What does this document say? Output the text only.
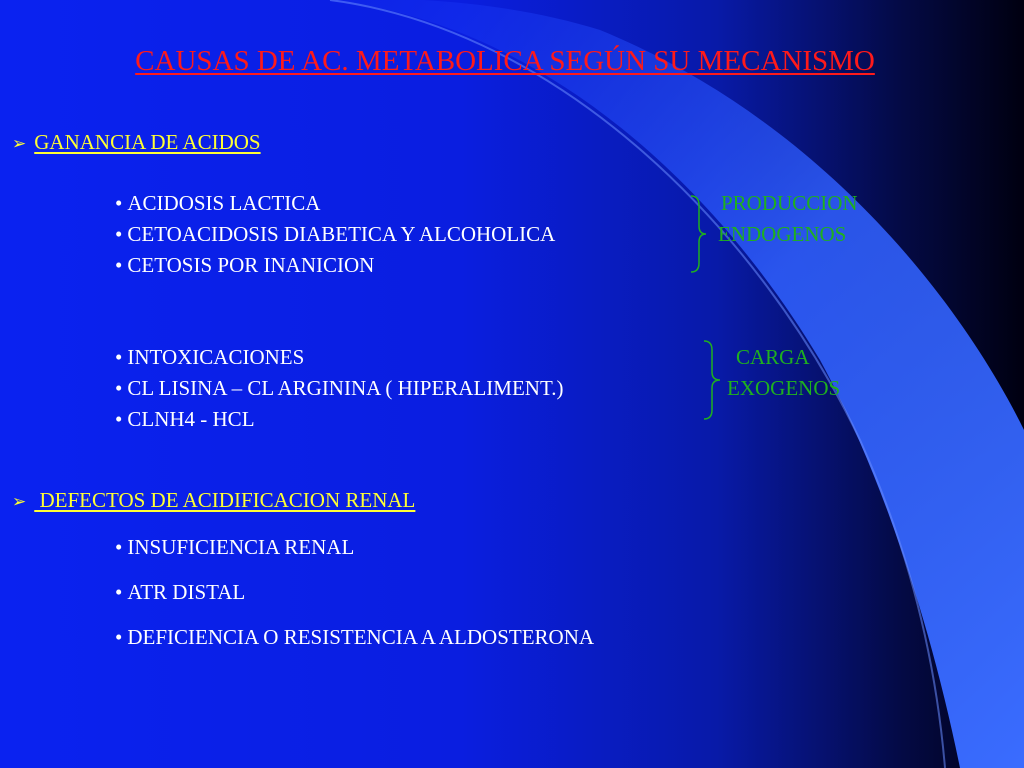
CAUSAS DE AC. METABOLICA SEGÚN SU MECANISMO
➢ GANANCIA DE ACIDOS
• ACIDOSIS LACTICA
• CETOACIDOSIS DIABETICA Y ALCOHOLICA
• CETOSIS POR INANICION
PRODUCCION
ENDOGENOS
• INTOXICACIONES
• CL LISINA – CL ARGININA ( HIPERALIMENT.)
• CLNH4 - HCL
CARGA
EXOGENOS
➢ DEFECTOS DE ACIDIFICACION RENAL
• INSUFICIENCIA RENAL
• ATR DISTAL
• DEFICIENCIA O RESISTENCIA A ALDOSTERONA
